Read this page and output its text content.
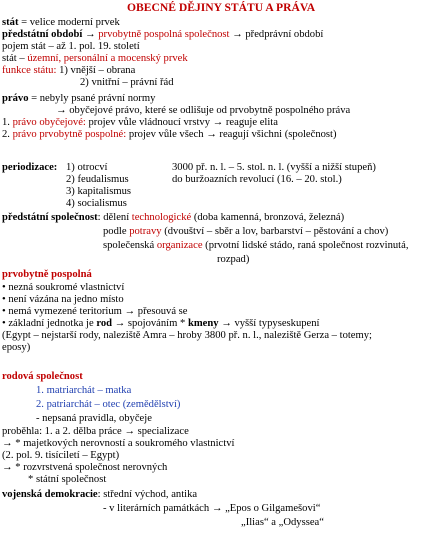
OBECNÉ DĚJINY STÁTU A PRÁVA
stát = velice moderní prvek
předstátní období → prvobytně pospolná společnost → předprávní období
pojem stát – až 1. pol. 19. století
stát – územní, personální a mocenský prvek
funkce státu: 1) vnější – obrana
2) vnitřní – právní řád
právo = nebyly psané právní normy
→ obyčejové právo, které se odlišuje od prvobytně pospolného práva
1. právo obyčejové: projev vůle vládnoucí vrstvy → reaguje elita
2. právo prvobytně pospolné: projev vůle všech → reagují všichni (společnost)
periodizace: 1) otrocví
2) feudalismus
3) kapitalismus
4) socialismus
3000 př. n. l. – 5. stol. n. l. (vyšší a nižší stupeň)
do buržoazních revolucí (16. – 20. stol.)
předstátní společnost: dělení technologické (doba kamenná, bronzová, železná)
podle potravy (dvouštví – sběr a lov, barbarství – pěstování a chov)
společenská organizace (prvotní lidské stádo, raná společnost rozvinutá,
rozpad)
prvobytně pospolná
• nezná soukromé vlastnictví
• není vázána na jedno místo
• nemá vymezené teritorium → přesouvá se
• základní jednotka je rod → spojováním * kmeny → vyšší typyseskupení
(Egypt – nejstarší rody, naleziště Amra – hroby 3800 př. n. l., naleziště Gerza – totemy;
eposy)
rodová společnost
1. matriarchát – matka
2. patriarchát – otec (zemědělství)
- nepsaná pravidla, obyčeje
proběhla: 1. a 2. dělba práce → specializace
→ * majetkových nerovností a soukromého vlastnictví
(2. pol. 9. tisíciletí – Egypt)
→ * rozvrstvená společnost nerovných
* státní společnost
vojenská demokracie: střední východ, antika
- v literárních památkách → „Epos o Gilgamešovi“
„Ilias“ a „Odyssea“
